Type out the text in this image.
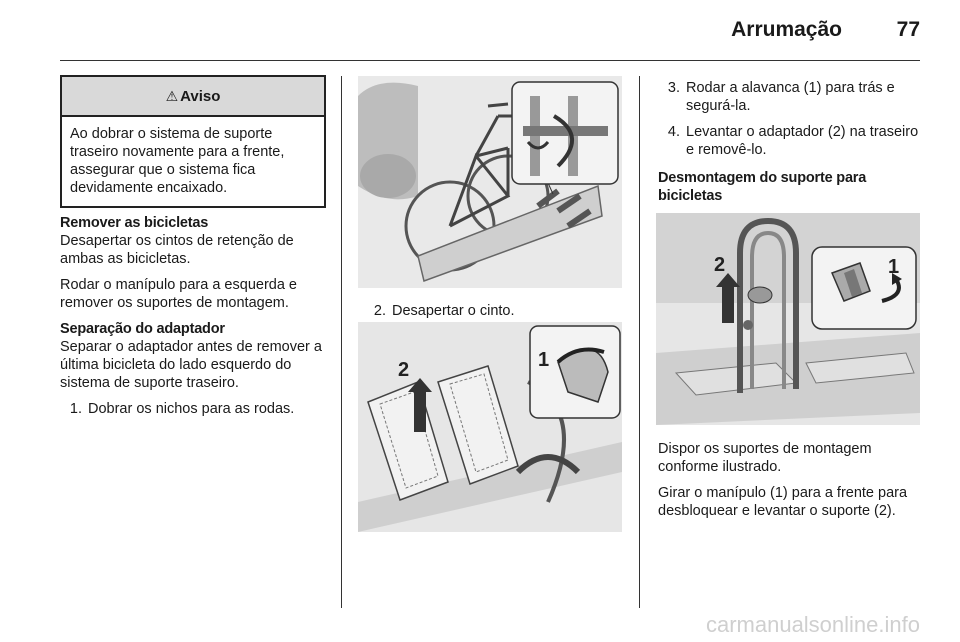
Arrumação	77
⚠ Aviso
Ao dobrar o sistema de suporte traseiro novamente para a frente, assegurar que o sistema fica devidamente encaixado.
Remover as bicicletas

Desapertar os cintos de retenção de ambas as bicicletas.

Rodar o manípulo para a esquerda e remover os suportes de montagem.

Separação do adaptador

Separar o adaptador antes de remover a última bicicleta do lado esquerdo do sistema de suporte traseiro.

1. Dobrar os nichos para as rodas.
2. Desapertar o cinto.
2	1
3. Rodar a alavanca (1) para trás e segurá-la.
4. Levantar o adaptador (2) na traseiro e removê-lo.
Desmontagem do suporte para bicicletas
2	1

Dispor os suportes de montagem conforme ilustrado.

Girar o manípulo (1) para a frente para desbloquear e levantar o suporte (2).

carmanualsonline.info
